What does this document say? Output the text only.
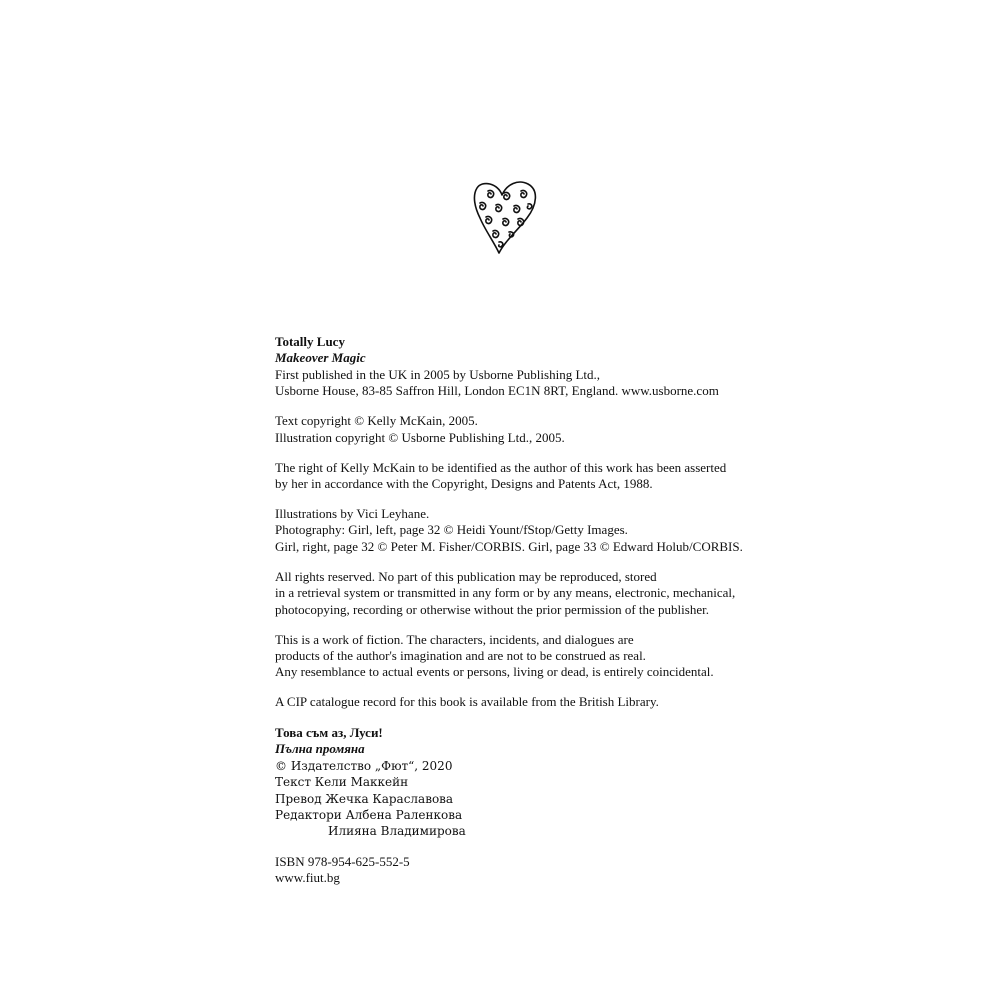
Totally Lucy
Makeover Magic
First published in the UK in 2005 by Usborne Publishing Ltd.,
Usborne House, 83-85 Saffron Hill, London EC1N 8RT, England. www.usborne.com

Text copyright © Kelly McKain, 2005.
Illustration copyright © Usborne Publishing Ltd., 2005.

The right of Kelly McKain to be identified as the author of this work has been asserted
by her in accordance with the Copyright, Designs and Patents Act, 1988.

Illustrations by Vici Leyhane.
Photography: Girl, left, page 32 © Heidi Yount/fStop/Getty Images.
Girl, right, page 32 © Peter M. Fisher/CORBIS. Girl, page 33 © Edward Holub/CORBIS.

All rights reserved. No part of this publication may be reproduced, stored
in a retrieval system or transmitted in any form or by any means, electronic, mechanical,
photocopying, recording or otherwise without the prior permission of the publisher.

This is a work of fiction. The characters, incidents, and dialogues are
products of the author's imagination and are not to be construed as real.
Any resemblance to actual events or persons, living or dead, is entirely coincidental.

A CIP catalogue record for this book is available from the British Library.

Това съм аз, Луси!
Пълна промяна
© Издателство „Фют“, 2020
Текст Кели Маккейн
Превод Жечка Караславова
Редактори Албена Раленкова
Илияна Владимирова

ISBN 978-954-625-552-5
www.fiut.bg
